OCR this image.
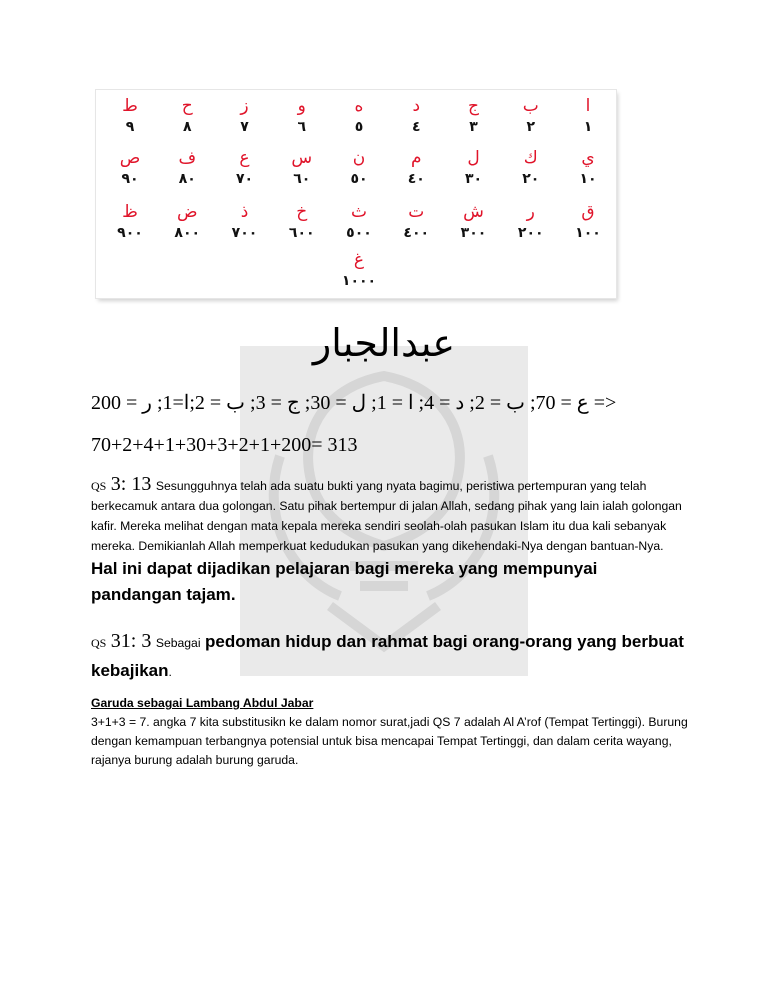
ا
١
ب
٢
ج
٣
د
٤
ه
٥
و
٦
ز
٧
ح
٨
ط
٩
ي
١٠
ك
٢٠
ل
٣٠
م
٤٠
ن
٥٠
س
٦٠
ع
٧٠
ف
٨٠
ص
٩٠
ق
١٠٠
ر
٢٠٠
ش
٣٠٠
ت
٤٠٠
ث
٥٠٠
خ
٦٠٠
ذ
٧٠٠
ض
٨٠٠
ظ
٩٠٠
غ
١٠٠٠
عبدالجبار
ع = 70; ب = 2; د = 4; ا = 1; ل = 30; ج = 3; ب = 2;ا=1; ر = 200 =>
70+2+4+1+30+3+2+1+200= 313
QS 3: 13 Sesungguhnya telah ada suatu bukti yang nyata bagimu, peristiwa pertempuran yang telah berkecamuk antara dua golongan. Satu pihak bertempur di jalan Allah, sedang pihak yang lain ialah golongan kafir. Mereka melihat dengan mata kepala mereka sendiri seolah-olah pasukan Islam itu dua kali sebanyak mereka. Demikianlah Allah memperkuat kedudukan pasukan yang dikehendaki-Nya dengan bantuan-Nya. Hal ini dapat dijadikan pelajaran bagi mereka yang mempunyai pandangan tajam.
QS 31: 3 Sebagai pedoman hidup dan rahmat bagi orang-orang yang berbuat kebajikan.
Garuda sebagai Lambang Abdul Jabar
3+1+3 = 7. angka 7 kita substitusikn ke dalam nomor surat,jadi QS 7 adalah Al A’rof (Tempat Tertinggi). Burung dengan kemampuan terbangnya potensial untuk bisa mencapai Tempat Tertinggi, dan dalam cerita wayang, rajanya burung adalah burung garuda.
